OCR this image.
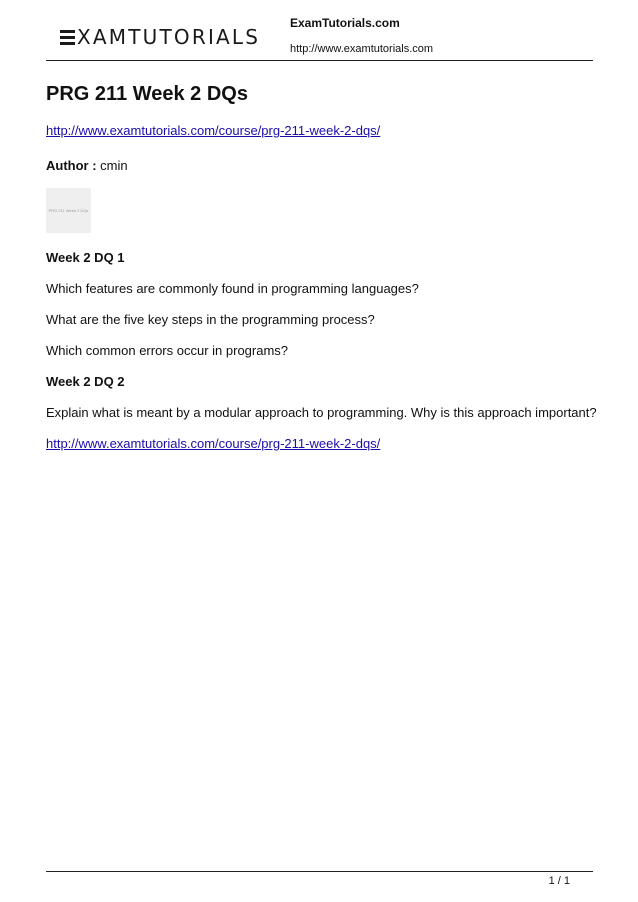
XAMTUTORIALS
ExamTutorials.com
http://www.examtutorials.com
PRG 211 Week 2 DQs
http://www.examtutorials.com/course/prg-211-week-2-dqs/
Author : cmin
PRG 211 Week 2 DQs
Week 2 DQ 1
Which features are commonly found in programming languages?
What are the five key steps in the programming process?
Which common errors occur in programs?
Week 2 DQ 2
Explain what is meant by a modular approach to programming. Why is this approach important?
http://www.examtutorials.com/course/prg-211-week-2-dqs/
1 / 1
